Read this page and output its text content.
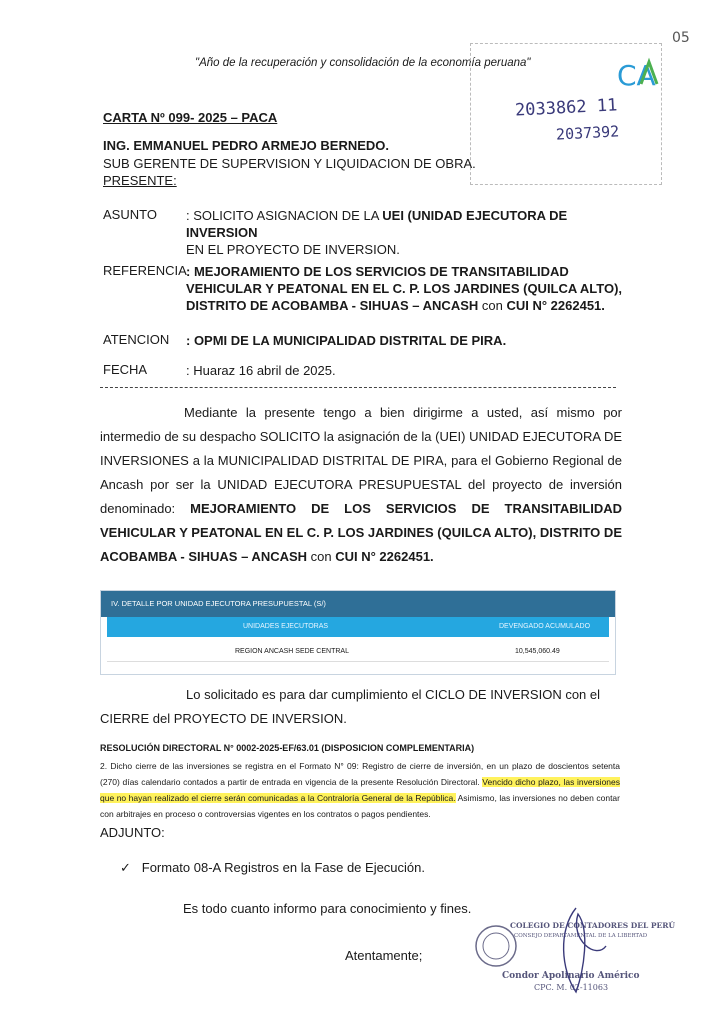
05
"Año de la recuperación y consolidación de la economía peruana"	CA
2033862 11
2037392
CARTA Nº 099- 2025 – PACA
ING. EMMANUEL PEDRO ARMEJO BERNEDO.
SUB GERENTE DE SUPERVISION Y LIQUIDACION DE OBRA.
PRESENTE:
ASUNTO : SOLICITO ASIGNACION DE LA UEI (UNIDAD EJECUTORA DE INVERSION
EN EL PROYECTO DE INVERSION.
REFERENCIA : MEJORAMIENTO DE LOS SERVICIOS DE TRANSITABILIDAD VEHICULAR Y PEATONAL EN EL C. P. LOS JARDINES (QUILCA ALTO), DISTRITO DE ACOBAMBA - SIHUAS – ANCASH con CUI N° 2262451.
ATENCION : OPMI DE LA MUNICIPALIDAD DISTRITAL DE PIRA.
FECHA	: Huaraz 16 abril de 2025.
Mediante la presente tengo a bien dirigirme a usted, así mismo por intermedio de su despacho SOLICITO la asignación de la (UEI) UNIDAD EJECUTORA DE INVERSIONES a la MUNICIPALIDAD DISTRITAL DE PIRA, para el Gobierno Regional de Ancash por ser la UNIDAD EJECUTORA PRESUPUESTAL del proyecto de inversión denominado: MEJORAMIENTO DE LOS SERVICIOS DE TRANSITABILIDAD VEHICULAR Y PEATONAL EN EL C. P. LOS JARDINES (QUILCA ALTO), DISTRITO DE ACOBAMBA - SIHUAS – ANCASH con CUI N° 2262451.
IV. DETALLE POR UNIDAD EJECUTORA PRESUPUESTAL (S/)
UNIDADES EJECUTORAS	DEVENGADO ACUMULADO
REGION ANCASH SEDE CENTRAL	10,545,060.49
Lo solicitado es para dar cumplimiento el CICLO DE INVERSION con el CIERRE del PROYECTO DE INVERSION.
RESOLUCIÓN DIRECTORAL N° 0002-2025-EF/63.01 (DISPOSICION COMPLEMENTARIA)
2. Dicho cierre de las inversiones se registra en el Formato N° 09: Registro de cierre de inversión, en un plazo de doscientos setenta (270) días calendario contados a partir de entrada en vigencia de la presente Resolución Directoral. Vencido dicho plazo, las inversiones que no hayan realizado el cierre serán comunicadas a la Contraloría General de la República. Asimismo, las inversiones no deben contar con arbitrajes en proceso o controversias vigentes en los contratos o pagos pendientes.
ADJUNTO:
✓ Formato 08-A Registros en la Fase de Ejecución.
Es todo cuanto informo para conocimiento y fines.
Atentamente;
COLEGIO DE CONTADORES DEL PERÚ
CONSEJO DEPARTAMENTAL DE LA LIBERTAD
Condor Apolinario Américo
CPC. M. 02-11063
